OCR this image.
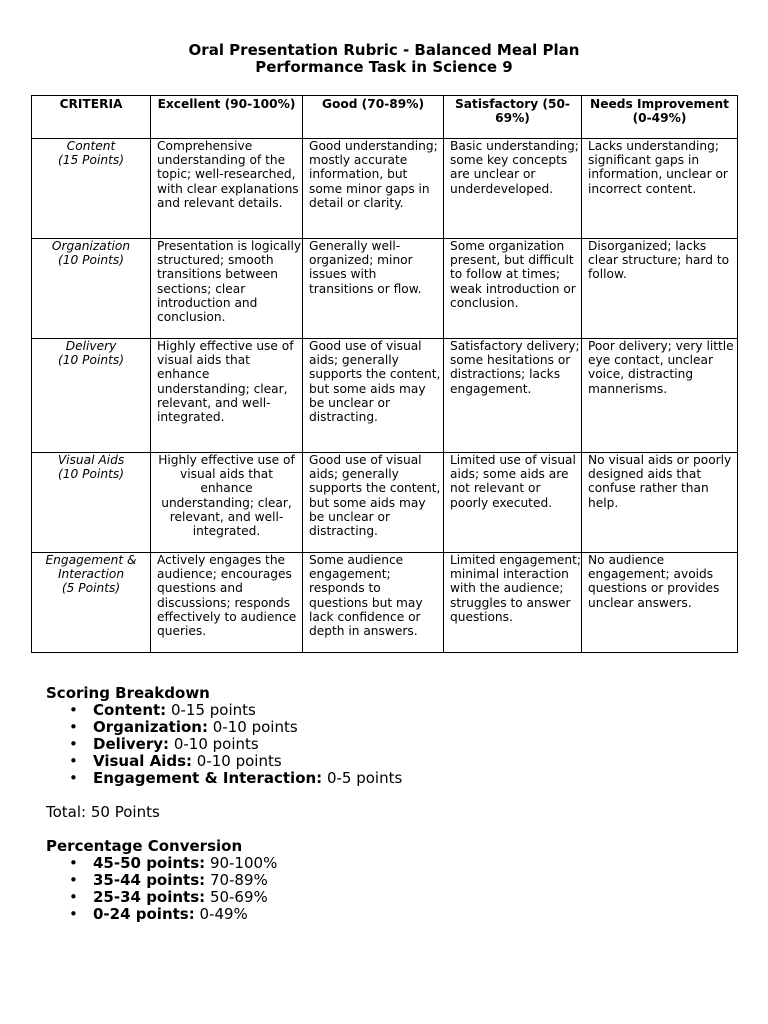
Oral Presentation Rubric - Balanced Meal Plan
Performance Task in Science 9
CRITERIA	Excellent (90-100%)	Good (70-89%)	Satisfactory (50-69%)	Needs Improvement (0-49%)
Content
(15 Points)	Comprehensive understanding of the topic; well-researched, with clear explanations and relevant details.	Good understanding; mostly accurate information, but some minor gaps in detail or clarity.	Basic understanding; some key concepts are unclear or underdeveloped.	Lacks understanding; significant gaps in information, unclear or incorrect content.
Organization
(10 Points)	Presentation is logically structured; smooth transitions between sections; clear introduction and conclusion.	Generally well-organized; minor issues with transitions or flow.	Some organization present, but difficult to follow at times; weak introduction or conclusion.	Disorganized; lacks clear structure; hard to follow.
Delivery
(10 Points)	Highly effective use of visual aids that enhance understanding; clear, relevant, and well-integrated.	Good use of visual aids; generally supports the content, but some aids may be unclear or distracting.	Satisfactory delivery; some hesitations or distractions; lacks engagement.	Poor delivery; very little eye contact, unclear voice, distracting mannerisms.
Visual Aids
(10 Points)	Highly effective use of visual aids that enhance understanding; clear, relevant, and well-integrated.	Good use of visual aids; generally supports the content, but some aids may be unclear or distracting.	Limited use of visual aids; some aids are not relevant or poorly executed.	No visual aids or poorly designed aids that confuse rather than help.
Engagement & Interaction
(5 Points)	Actively engages the audience; encourages questions and discussions; responds effectively to audience queries.	Some audience engagement; responds to questions but may lack confidence or depth in answers.	Limited engagement; minimal interaction with the audience; struggles to answer questions.	No audience engagement; avoids questions or provides unclear answers.
Scoring Breakdown
• Content: 0-15 points
• Organization: 0-10 points
• Delivery: 0-10 points
• Visual Aids: 0-10 points
• Engagement & Interaction: 0-5 points
Total: 50 Points
Percentage Conversion
• 45-50 points: 90-100%
• 35-44 points: 70-89%
• 25-34 points: 50-69%
• 0-24 points: 0-49%
